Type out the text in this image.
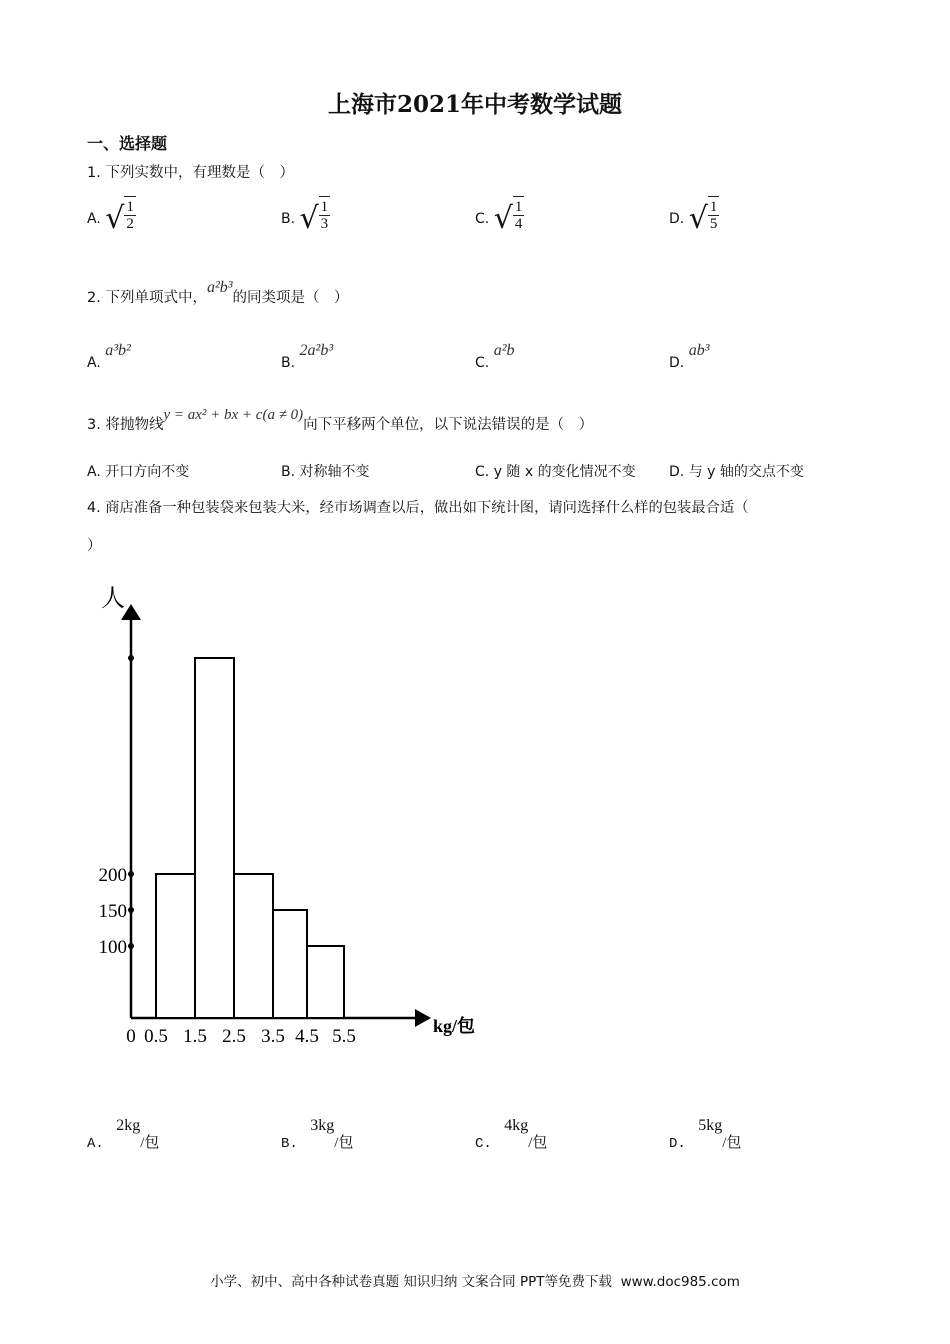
上海市2021年中考数学试题
一、选择题
1. 下列实数中，有理数是（　）
A. √ $\frac{1}{2}$	B. √ $\frac{1}{3}$	C. √ $\frac{1}{4}$	D. √ $\frac{1}{5}$
2. 下列单项式中，a²b³的同类项是（　）
A. a³b²
B. 2a²b³
C. a²b
D. ab³
3. 将抛物线y = ax² + bx + c(a ≠ 0)向下平移两个单位，以下说法错误的是（　）
A. 开口方向不变	B. 对称轴不变	C. y 随 x 的变化情况不变 D. 与 y 轴的交点不变
4. 商店准备一种包装袋来包装大米，经市场调查以后，做出如下统计图，请问选择什么样的包装最合适（
）
100
150
200
0 0.5 1.5 2.5 3.5 4.5 5.5
人
kg/包
A. 2kg/包	B. 3kg/包	C. 4kg/包	D. 5kg/包
小学、初中、高中各种试卷真题 知识归纳 文案合同 PPT等免费下载 www.doc985.com
